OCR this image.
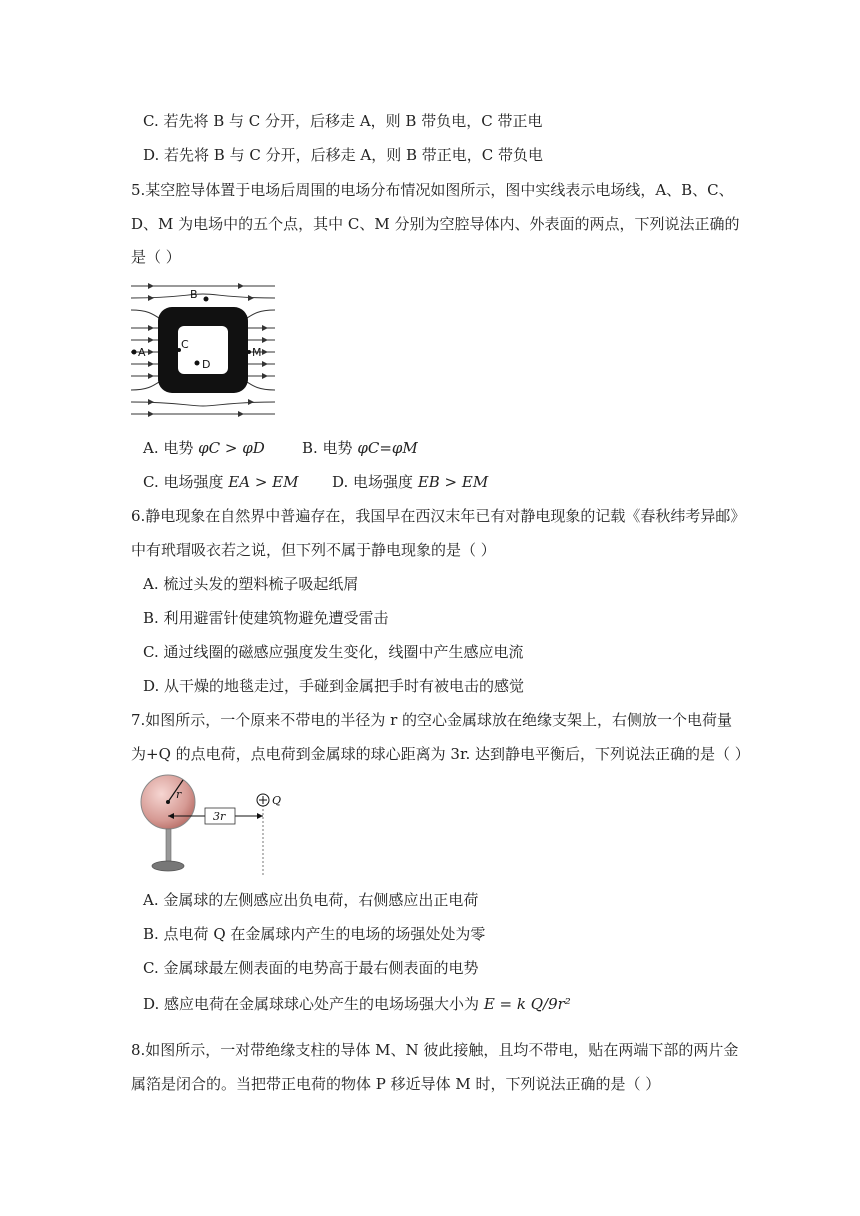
C. 若先将 B 与 C 分开，后移走 A，则 B 带负电，C 带正电
D. 若先将 B 与 C 分开，后移走 A，则 B 带正电，C 带负电
5.某空腔导体置于电场后周围的电场分布情况如图所示，图中实线表示电场线，A、B、C、
D、M 为电场中的五个点，其中 C、M 分别为空腔导体内、外表面的两点，下列说法正确的
是（ ）
A
B
C
D
M
A. 电势 φC > φD B. 电势 φC=φM
C. 电场强度 EA > EM D. 电场强度 EB > EM
6.静电现象在自然界中普遍存在，我国早在西汉末年已有对静电现象的记载《春秋纬考异邮》
中有玳瑁吸衣若之说，但下列不属于静电现象的是（ ）
A. 梳过头发的塑料梳子吸起纸屑
B. 利用避雷针使建筑物避免遭受雷击
C. 通过线圈的磁感应强度发生变化，线圈中产生感应电流
D. 从干燥的地毯走过，手碰到金属把手时有被电击的感觉
7.如图所示，一个原来不带电的半径为 r 的空心金属球放在绝缘支架上，右侧放一个电荷量
为+Q 的点电荷，点电荷到金属球的球心距离为 3r. 达到静电平衡后，下列说法正确的是（ ）
r
3r
Q
A. 金属球的左侧感应出负电荷，右侧感应出正电荷
B. 点电荷 Q 在金属球内产生的电场的场强处处为零
C. 金属球最左侧表面的电势高于最右侧表面的电势
D. 感应电荷在金属球球心处产生的电场场强大小为 E = k Q/9r²
8.如图所示，一对带绝缘支柱的导体 M、N 彼此接触，且均不带电，贴在两端下部的两片金
属箔是闭合的。当把带正电荷的物体 P 移近导体 M 时，下列说法正确的是（ ）
